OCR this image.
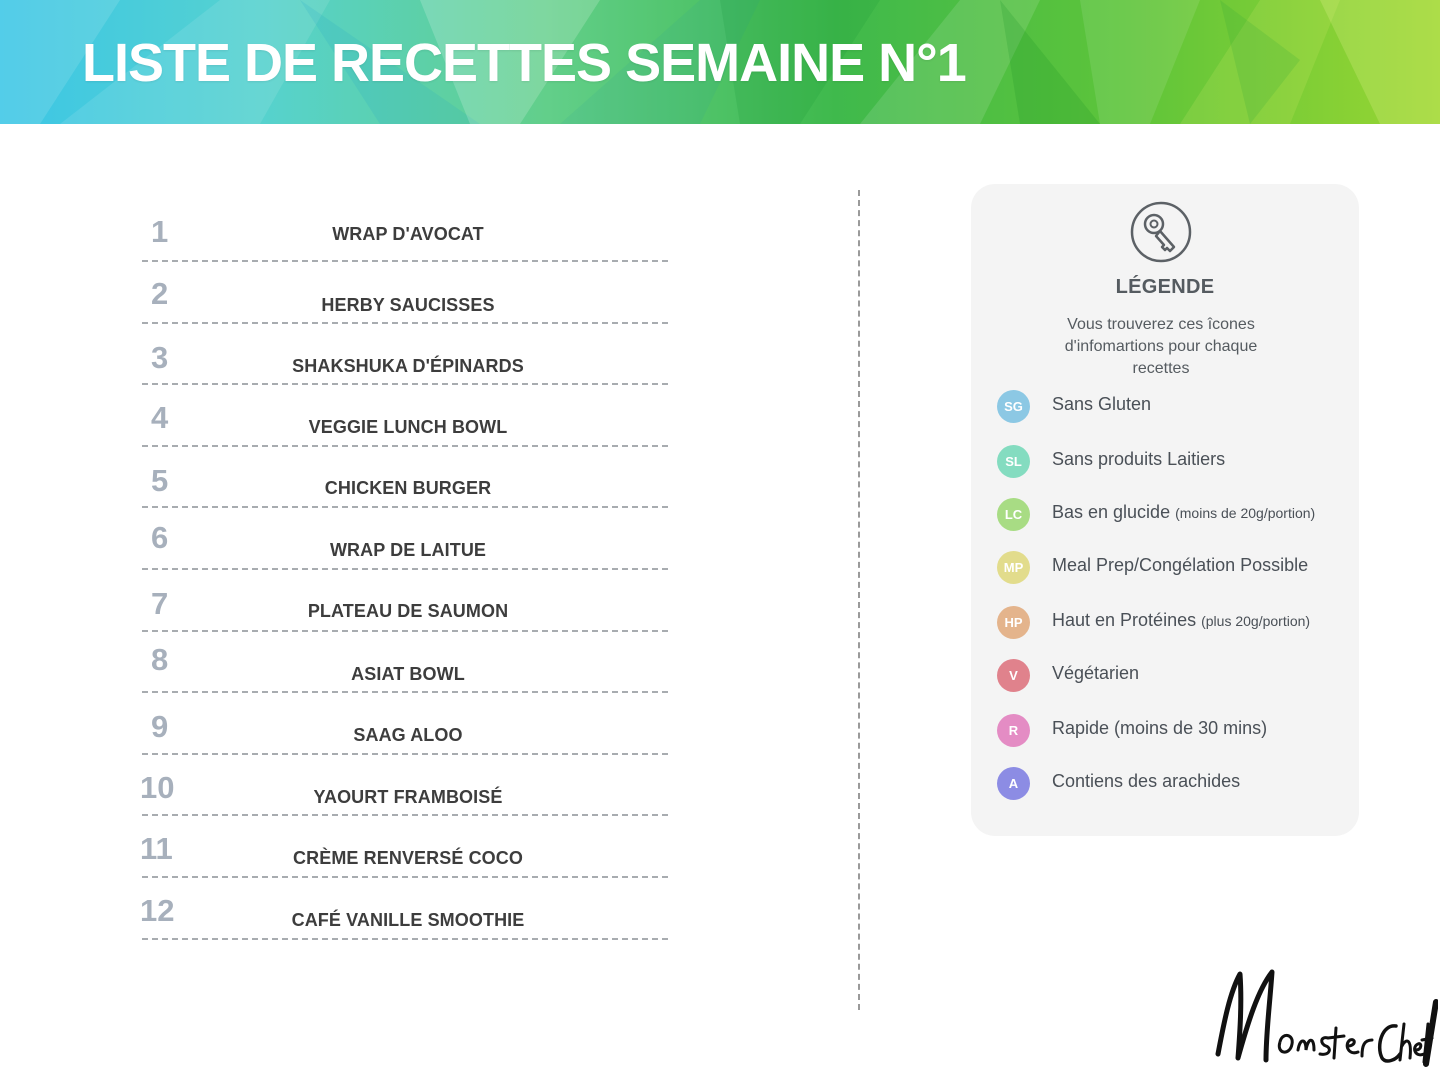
LISTE DE RECETTES SEMAINE N°1
1	WRAP D'AVOCAT
2	HERBY SAUCISSES
3	SHAKSHUKA D'ÉPINARDS
4	VEGGIE LUNCH BOWL
5	CHICKEN BURGER
6	WRAP DE LAITUE
7	PLATEAU DE SAUMON
8	ASIAT BOWL
9	SAAG ALOO
10	YAOURT FRAMBOISÉ
11	CRÈME RENVERSÉ COCO
12	CAFÉ VANILLE SMOOTHIE
LÉGENDE
Vous trouverez ces îcones d'infomartions pour chaque recettes
SG	Sans Gluten
SL	Sans produits Laitiers
LC	Bas en glucide (moins de 20g/portion)
MP	Meal Prep/Congélation Possible
HP	Haut en Protéines (plus 20g/portion)
V	Végétarien
R	Rapide (moins de 30 mins)
A	Contiens des arachides
